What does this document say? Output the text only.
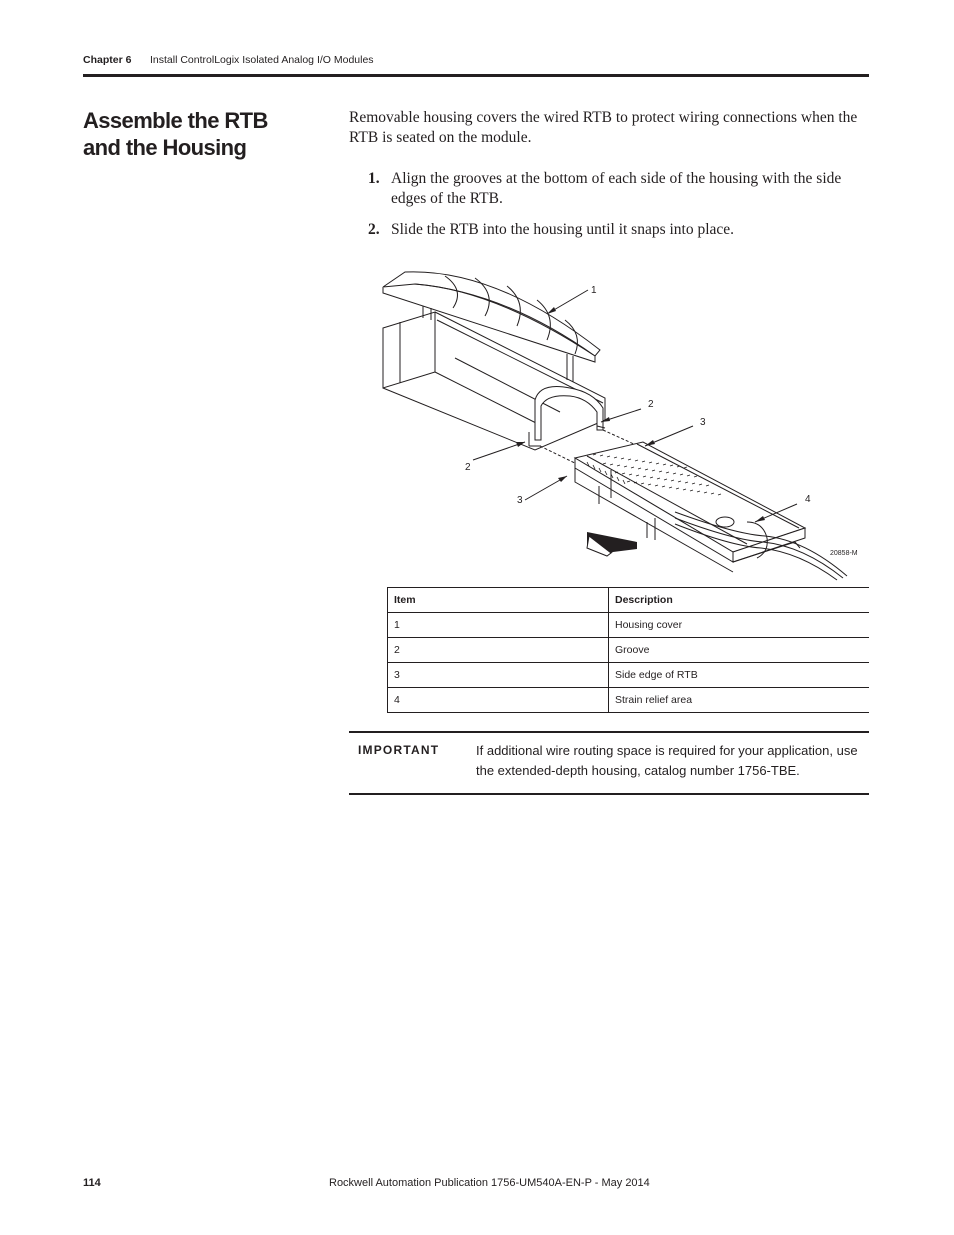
Chapter 6 Install ControlLogix Isolated Analog I/O Modules
Assemble the RTB
and the Housing
Removable housing covers the wired RTB to protect wiring connections when the RTB is seated on the module.
1. Align the grooves at the bottom of each side of the housing with the side edges of the RTB.
2. Slide the RTB into the housing until it snaps into place.
1
2
3
2
3	4
20858-M
Item	Description
1	Housing cover
2	Groove
3	Side edge of RTB
4	Strain relief area
IMPORTANT	If additional wire routing space is required for your application, use the extended-depth housing, catalog number 1756-TBE.
114	Rockwell Automation Publication 1756-UM540A-EN-P - May 2014
